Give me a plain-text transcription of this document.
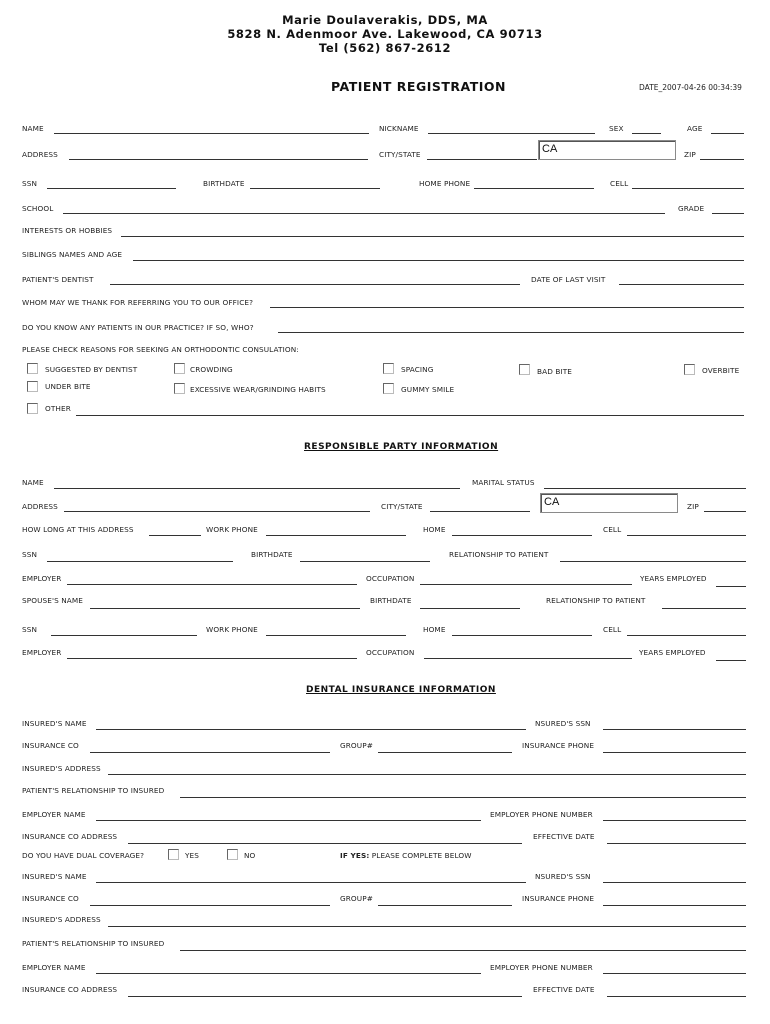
Marie Doulaverakis, DDS, MA
5828 N. Adenmoor Ave. Lakewood, CA 90713
Tel (562) 867-2612
PATIENT REGISTRATION	DATE_2007-04-26 00:34:39
NAME	NICKNAME	SEX	AGE
ADDRESS	CITY/STATE	CA	ZIP
SSN	BIRTHDATE	HOME PHONE	CELL
SCHOOL	GRADE
INTERESTS OR HOBBIES
SIBLINGS NAMES AND AGE
PATIENT'S DENTIST	DATE OF LAST VISIT
WHOM MAY WE THANK FOR REFERRING YOU TO OUR OFFICE?
DO YOU KNOW ANY PATIENTS IN OUR PRACTICE? IF SO, WHO?
PLEASE CHECK REASONS FOR SEEKING AN ORTHODONTIC CONSULATION:
SUGGESTED BY DENTIST	CROWDING	SPACING	BAD BITE	OVERBITE
UNDER BITE	EXCESSIVE WEAR/GRINDING HABITS	GUMMY SMILE
OTHER
RESPONSIBLE PARTY INFORMATION
NAME	MARITAL STATUS
ADDRESS	CITY/STATE	CA	ZIP
HOW LONG AT THIS ADDRESS	WORK PHONE	HOME	CELL
SSN	BIRTHDATE	RELATIONSHIP TO PATIENT
EMPLOYER	OCCUPATION	YEARS EMPLOYED
SPOUSE'S NAME	BIRTHDATE	RELATIONSHIP TO PATIENT
SSN	WORK PHONE	HOME	CELL
EMPLOYER	OCCUPATION	YEARS EMPLOYED
DENTAL INSURANCE INFORMATION
INSURED'S NAME	NSURED'S SSN
INSURANCE CO	GROUP#	INSURANCE PHONE
INSURED'S ADDRESS
PATIENT'S RELATIONSHIP TO INSURED
EMPLOYER NAME	EMPLOYER PHONE NUMBER
INSURANCE CO ADDRESS	EFFECTIVE DATE
DO YOU HAVE DUAL COVERAGE?	YES	NO	IF YES: PLEASE COMPLETE BELOW
INSURED'S NAME	NSURED'S SSN
INSURANCE CO	GROUP#	INSURANCE PHONE
INSURED'S ADDRESS
PATIENT'S RELATIONSHIP TO INSURED
EMPLOYER NAME	EMPLOYER PHONE NUMBER
INSURANCE CO ADDRESS	EFFECTIVE DATE
